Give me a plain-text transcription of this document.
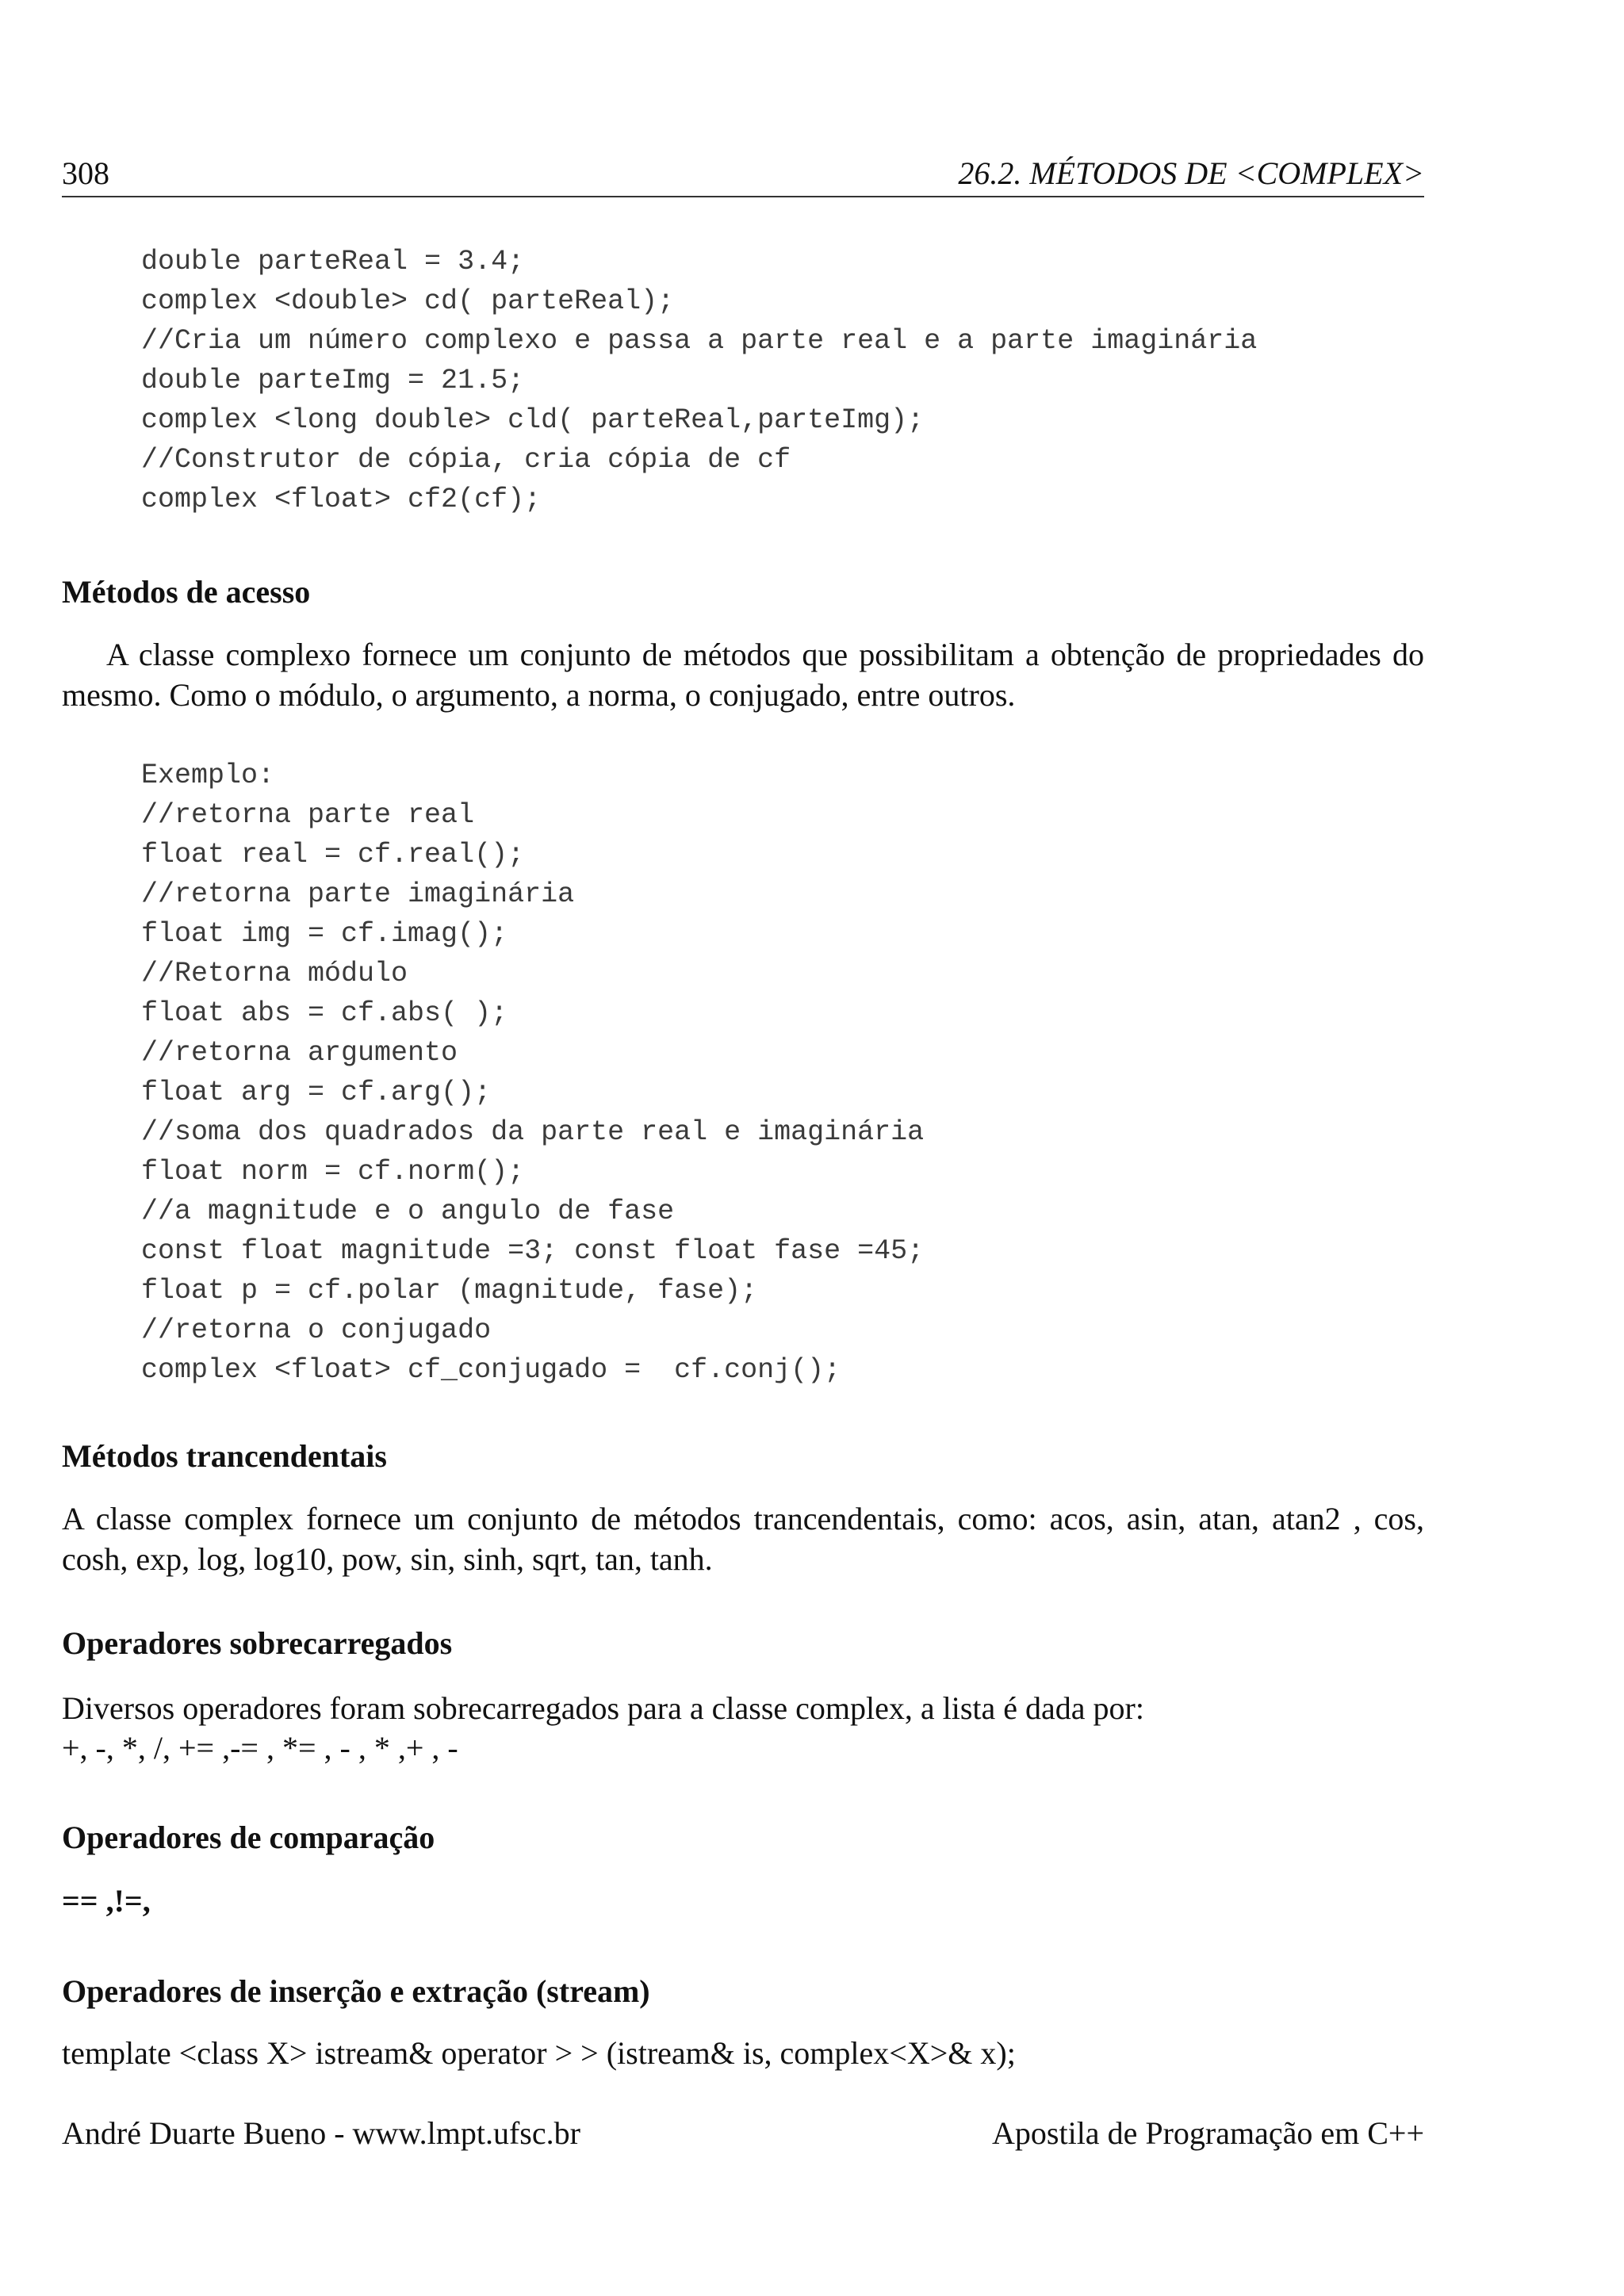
308	26.2. MÉTODOS DE <COMPLEX>
double parteReal = 3.4;
complex <double> cd( parteReal);
//Cria um número complexo e passa a parte real e a parte imaginária
double parteImg = 21.5;
complex <long double> cld( parteReal,parteImg);
//Construtor de cópia, cria cópia de cf
complex <float> cf2(cf);
Métodos de acesso
A classe complexo fornece um conjunto de métodos que possibilitam a obtenção de propriedades do mesmo. Como o módulo, o argumento, a norma, o conjugado, entre outros.
Exemplo:
//retorna parte real
float real = cf.real();
//retorna parte imaginária
float img = cf.imag();
//Retorna módulo
float abs = cf.abs( );
//retorna argumento
float arg = cf.arg();
//soma dos quadrados da parte real e imaginária
float norm = cf.norm();
//a magnitude e o angulo de fase
const float magnitude =3; const float fase =45;
float p = cf.polar (magnitude, fase);
//retorna o conjugado
complex <float> cf_conjugado =  cf.conj();
Métodos trancendentais
A classe complex fornece um conjunto de métodos trancendentais, como: acos, asin, atan, atan2 , cos, cosh, exp, log, log10, pow, sin, sinh, sqrt, tan, tanh.
Operadores sobrecarregados
Diversos operadores foram sobrecarregados para a classe complex, a lista é dada por:
+, -, *, /, += ,-= , *= , - , * ,+ , -
Operadores de comparação
== ,!=,
Operadores de inserção e extração (stream)
template <class X> istream& operator > > (istream& is, complex<X>& x);
André Duarte Bueno - www.lmpt.ufsc.br	Apostila de Programação em C++
